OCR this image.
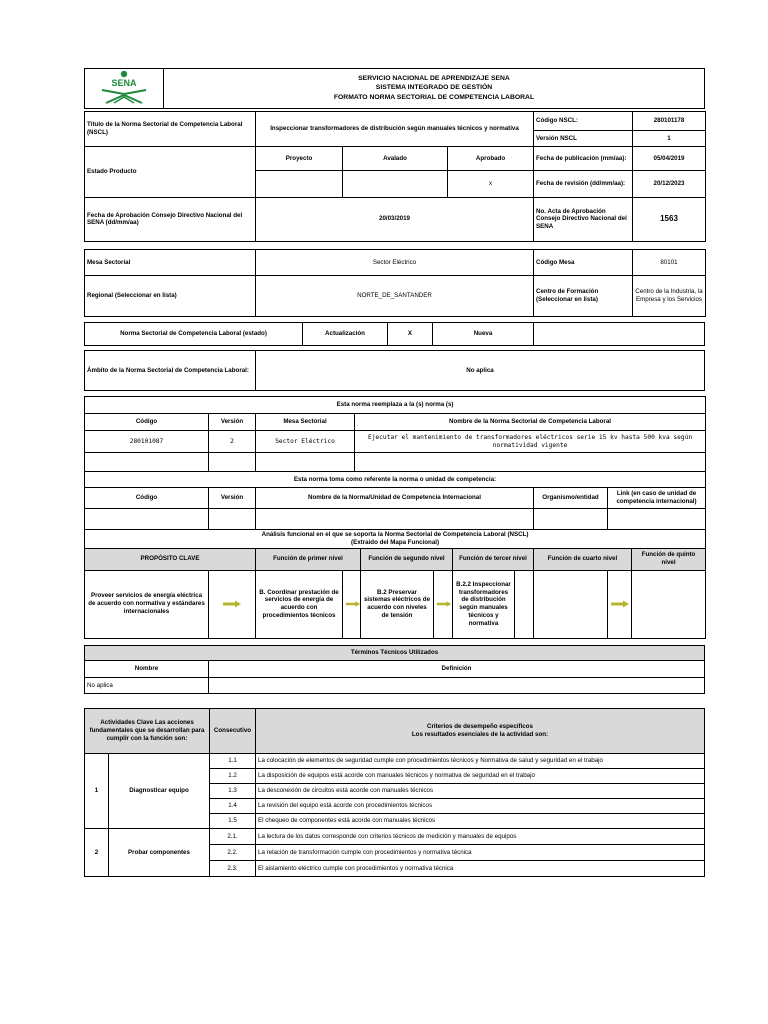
SENA	SERVICIO NACIONAL DE APRENDIZAJE SENA
SISTEMA INTEGRADO DE GESTIÓN
FORMATO NORMA SECTORIAL DE COMPETENCIA LABORAL
Título de la Norma Sectorial de Competencia Laboral (NSCL)	Inspeccionar transformadores de distribución según manuales técnicos y normativa			Código NSCL:	280101178
				Versión NSCL	1
Estado Producto	Proyecto	Avalado	Aprobado	Fecha de publicación (mm/aa):	05/04/2019
			x	Fecha de revisión (dd/mm/aa):	20/12/2023
Fecha de Aprobación Consejo Directivo Nacional del SENA (dd/mm/aa)	20/03/2019			No. Acta de Aprobación Consejo Directivo Nacional del SENA	1563
Mesa Sectorial	Sector Eléctrico	Código Mesa	80101
Regional (Seleccionar en lista)	NORTE_DE_SANTANDER	Centro de Formación (Seleccionar en lista)	Centro de la Industria, la Empresa y los Servicios
Norma Sectorial de Competencia Laboral (estado)	Actualización	X	Nueva	
Ámbito de la Norma Sectorial de Competencia Laboral:	No aplica
Esta norma reemplaza a la (s) norma (s)					
Código	Versión	Mesa Sectorial	Nombre de la Norma Sectorial de Competencia Laboral		
280101087	2	Sector Eléctrico	Ejecutar el mantenimiento de transformadores eléctricos serie 15 kv hasta 500 kva según normatividad vigente		

Esta norma toma como referente la norma o unidad de competencia:					
Código	Versión	Nombre de la Norma/Unidad de Competencia Internacional		Organismo/entidad	Link (en caso de unidad de competencia internacional)

Análisis funcional en el que se soporta la Norma Sectorial de Competencia Laboral (NSCL)
(Extraído del Mapa Funcional)										

PROPÓSITO CLAVE		Función de primer nivel		Función de segundo nivel		Función de tercer nivel		Función de cuarto nivel		Función de quinto nivel
Proveer servicios de energía eléctrica de acuerdo con normativa y estándares internacionales		B. Coordinar prestación de servicios de energía de acuerdo con procedimientos técnicos		B.2 Preservar sistemas eléctricos de acuerdo con niveles de tensión		B.2.2 Inspeccionar transformadores de distribución según manuales técnicos y normativa			

Términos Técnicos Utilizados	
Nombre	Definición
No aplica	
Actividades Clave Las acciones fundamentales que se desarrollan para cumplir con la función son:		Consecutivo	Criterios de desempeño específicos
Los resultados esenciales de la actividad son:

1	Diagnosticar equipo	1.1	La colocación de elementos de seguridad cumple con procedimientos técnicos y Normativa de salud y seguridad en el trabajo
		1.2	La disposición de equipos está acorde con manuales técnicos y normativa de seguridad en el trabajo
		1.3	La desconexión de circuitos está acorde con manuales técnicos
		1.4	La revisión del equipo está acorde con procedimientos técnicos
		1.5	El chequeo de componentes está acorde con manuales técnicos
2	Probar componentes	2.1.	La lectura de los datos corresponde con criterios técnicos de medición y manuales de equipos
		2.2.	La relación de transformación cumple con procedimientos y normativa técnica
		2.3.	El aislamiento eléctrico cumple con procedimientos y normativa técnica
